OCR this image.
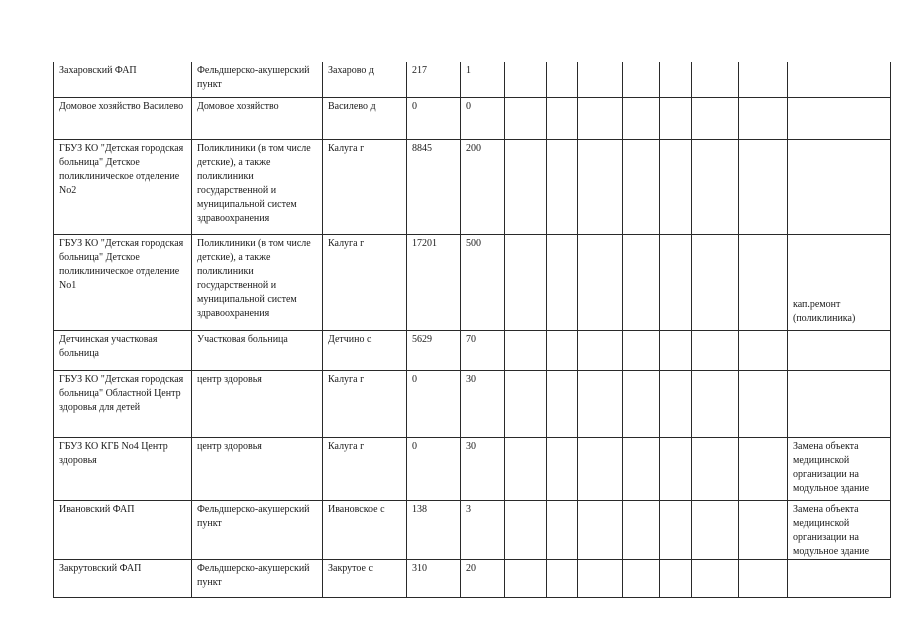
Захаровский ФАП	Фельдшерско-акушерский пункт	Захарово д	217	1								

Домовое хозяйство Василево	Домовое хозяйство	Василево д	0	0								

ГБУЗ КО "Детская городская больница" Детское поликлиническое отделение No2	Поликлиники (в том числе детские), а также поликлиники государственной и муниципальной систем здравоохранения	Калуга г	8845	200								

ГБУЗ КО "Детская городская больница" Детское поликлиническое отделение No1	Поликлиники (в том числе детские), а также поликлиники государственной и муниципальной систем здравоохранения	Калуга г	17201	500								кап.ремонт (поликлиника)

Детчинская участковая больница	Участковая больница	Детчино с	5629	70								

ГБУЗ КО "Детская городская больница" Областной Центр здоровья для детей	центр здоровья	Калуга г	0	30								

ГБУЗ КО КГБ No4 Центр здоровья	центр здоровья	Калуга г	0	30								Замена объекта медицинской организации на модульное здание

Ивановский ФАП	Фельдшерско-акушерский пункт	Ивановское с	138	3								Замена объекта медицинской организации на модульное здание

Закрутовский ФАП	Фельдшерско-акушерский пункт	Закрутое с	310	20								
